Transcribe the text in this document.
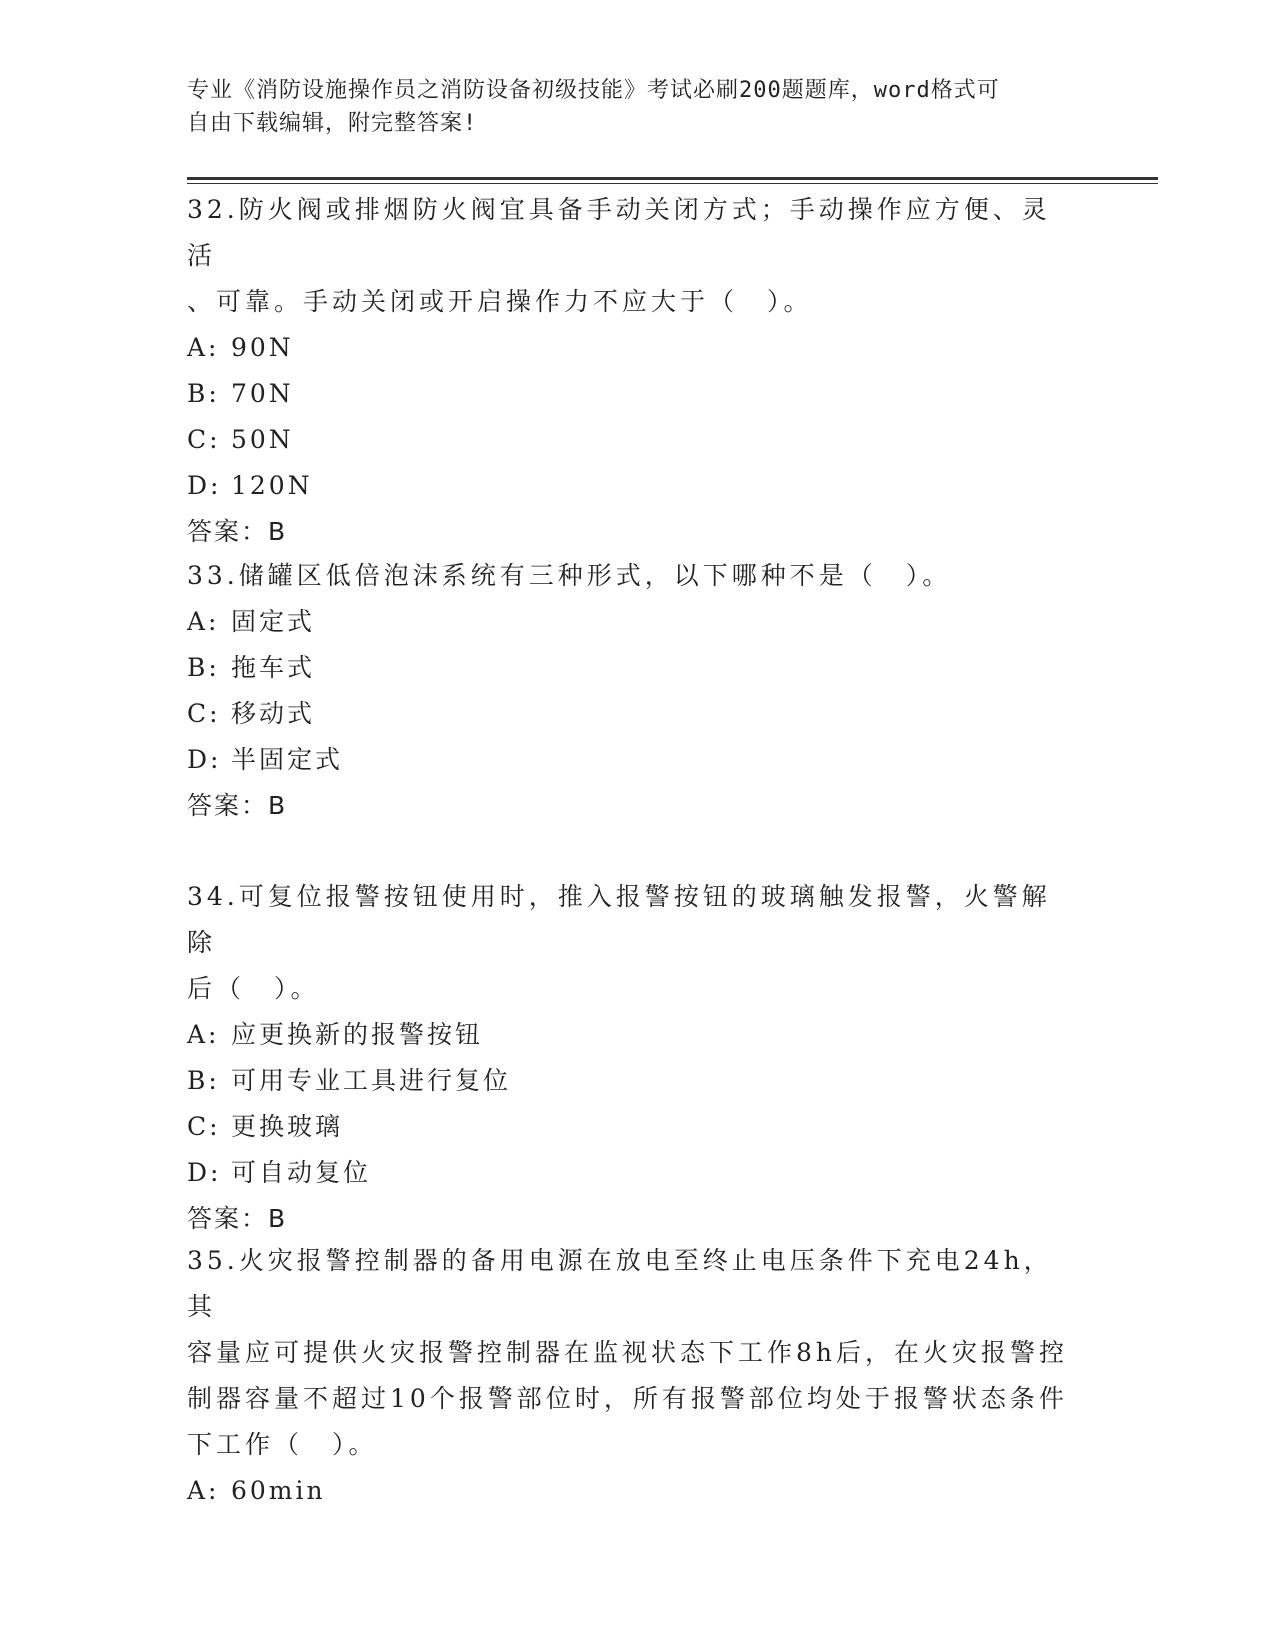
专业《消防设施操作员之消防设备初级技能》考试必刷200题题库，word格式可
自由下载编辑，附完整答案!

32.防火阀或排烟防火阀宜具备手动关闭方式；手动操作应方便、灵活

、可靠。手动关闭或开启操作力不应大于（　）。

A: 90N

B: 70N

C: 50N

D: 120N

答案：B

33.储罐区低倍泡沫系统有三种形式，以下哪种不是（　）。

A: 固定式

B: 拖车式

C: 移动式

D: 半固定式

答案：B

34.可复位报警按钮使用时，推入报警按钮的玻璃触发报警，火警解除

后（　）。

A: 应更换新的报警按钮

B: 可用专业工具进行复位

C: 更换玻璃

D: 可自动复位

答案：B

35.火灾报警控制器的备用电源在放电至终止电压条件下充电24h，其

容量应可提供火灾报警控制器在监视状态下工作8h后，在火灾报警控

制器容量不超过10个报警部位时，所有报警部位均处于报警状态条件

下工作（　）。

A: 60min
